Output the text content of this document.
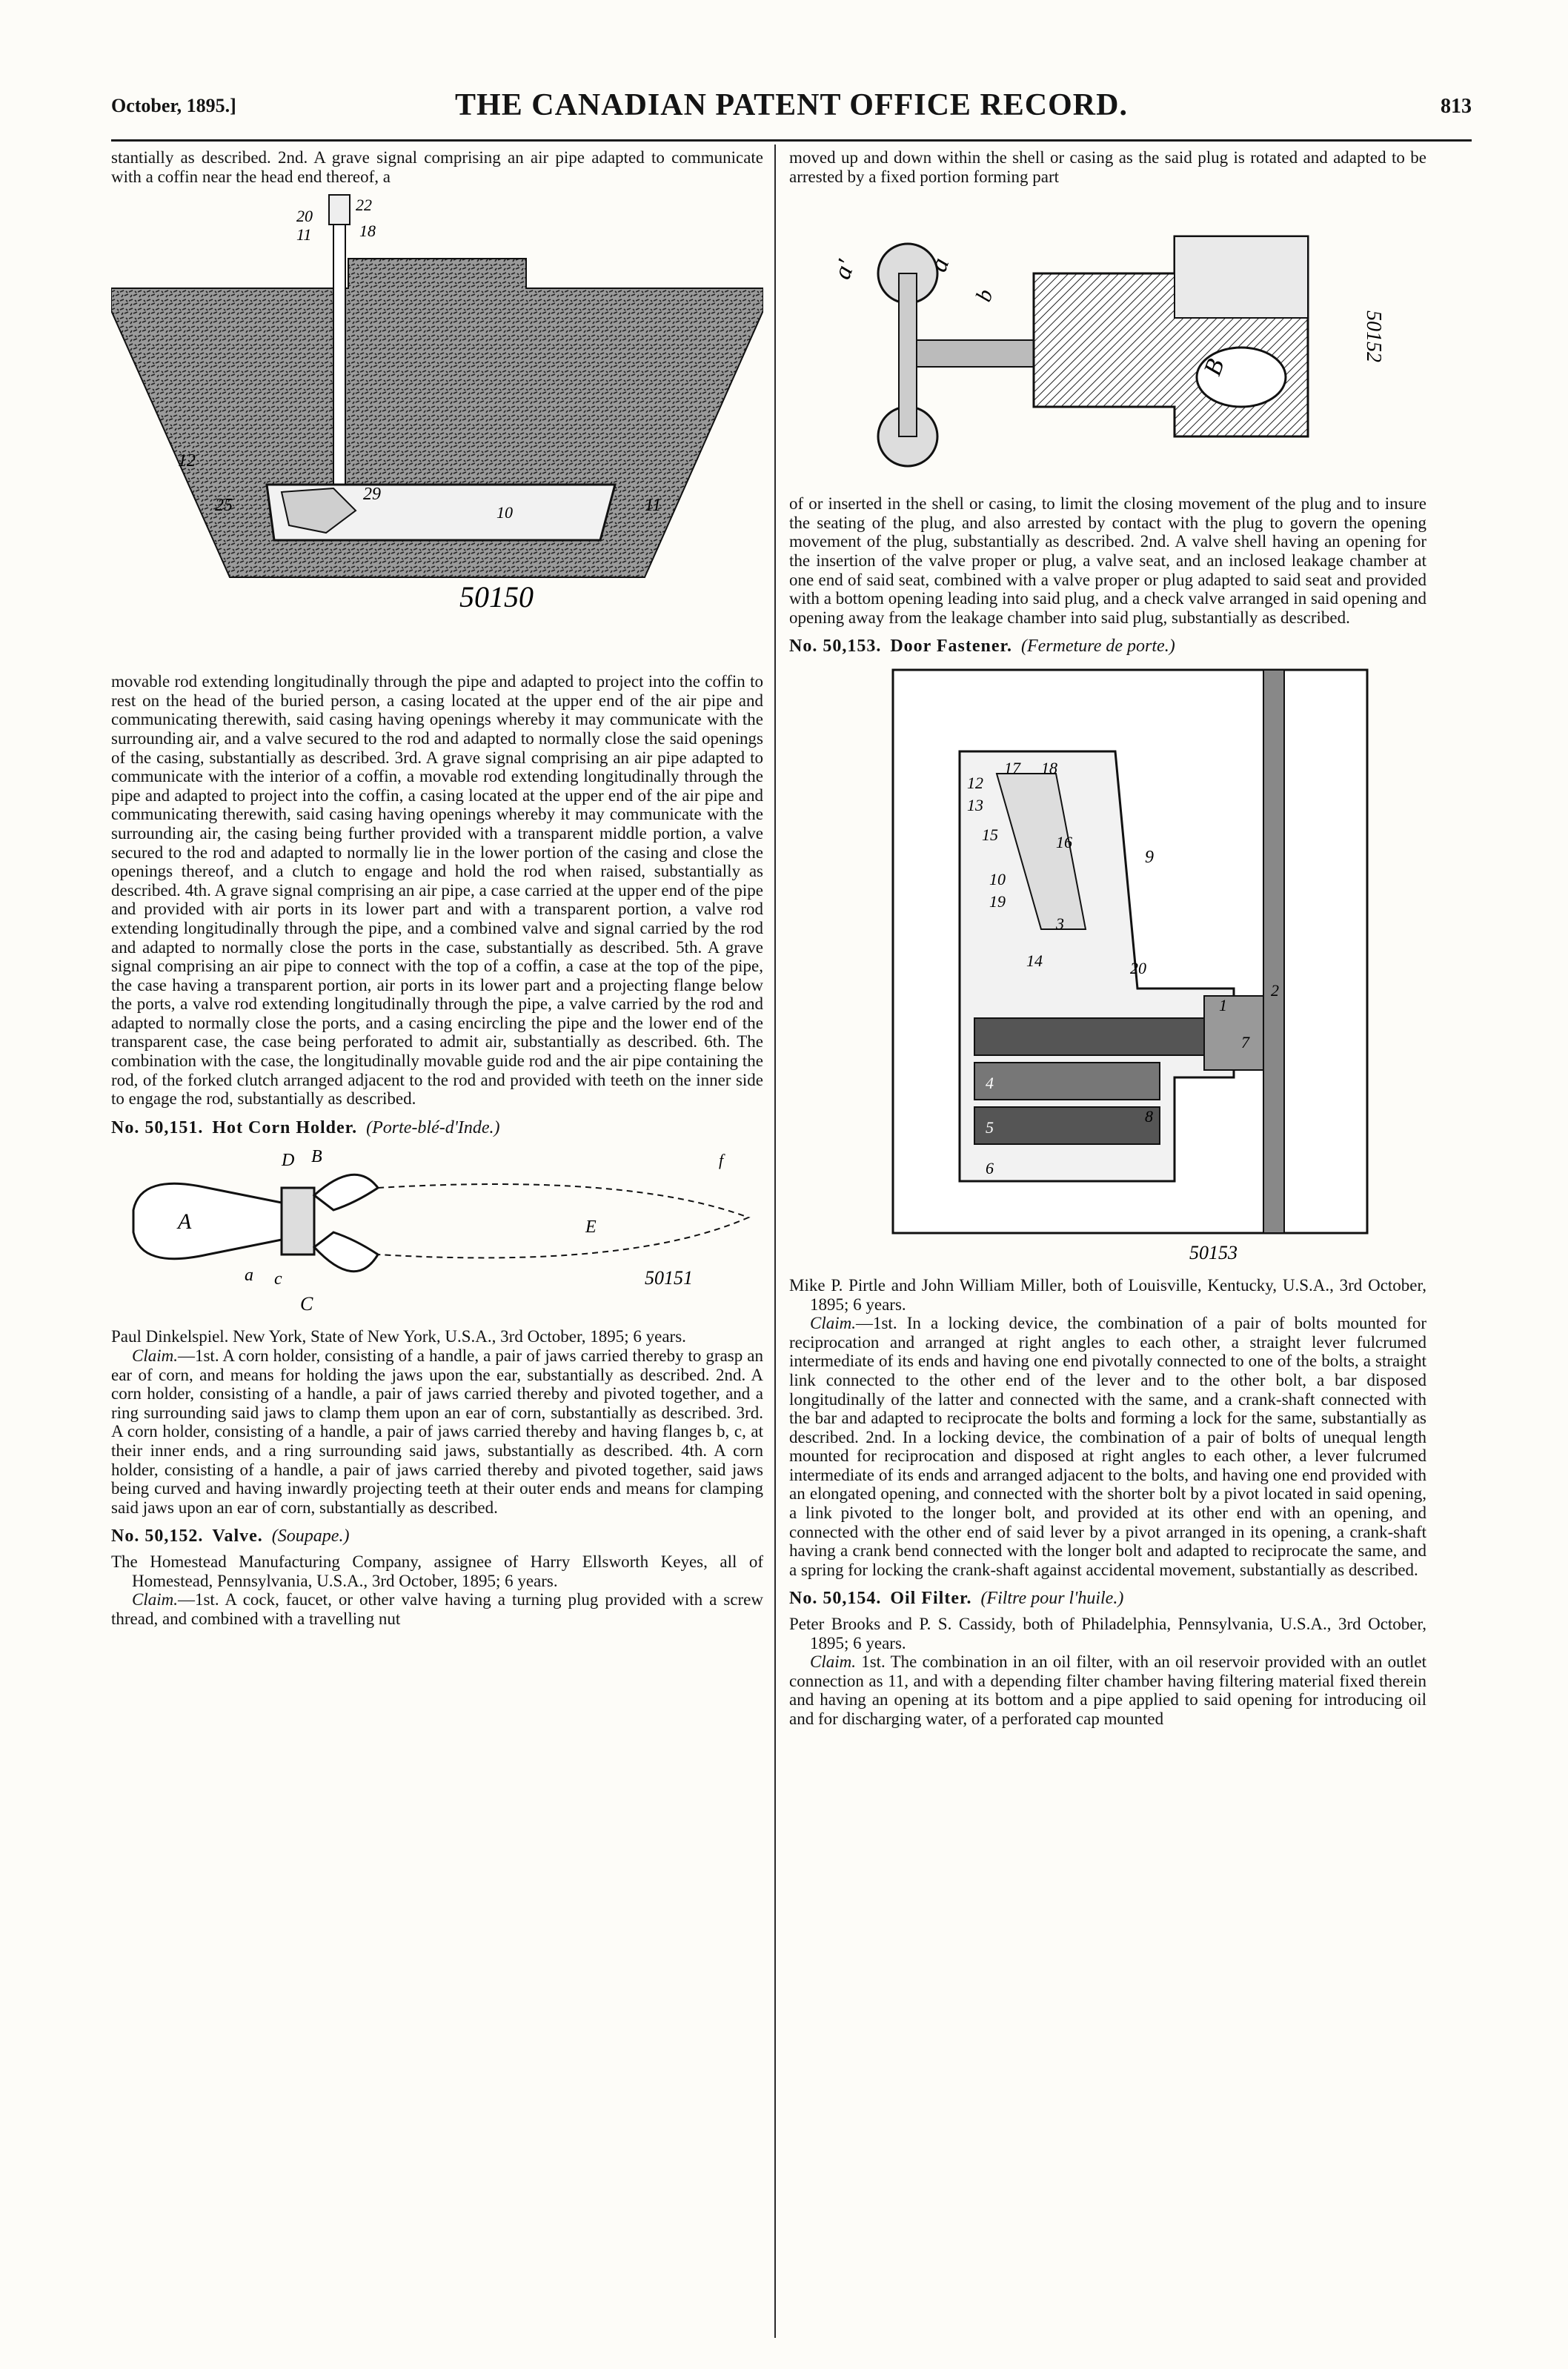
October, 1895.]	THE CANADIAN PATENT OFFICE RECORD.	813

stantially as described. 2nd. A grave signal comprising an air pipe adapted to communicate with a coffin near the head end thereof, a

20
22
11	18
12
25
29
10	11
50150

movable rod extending longitudinally through the pipe and adapted to project into the coffin to rest on the head of the buried person, a casing located at the upper end of the air pipe and communicating therewith, said casing having openings whereby it may communicate with the surrounding air, and a valve secured to the rod and adapted to normally close the said openings of the casing, substantially as described. 3rd. A grave signal comprising an air pipe adapted to communicate with the interior of a coffin, a movable rod extending longitudinally through the pipe and adapted to project into the coffin, a casing located at the upper end of the air pipe and communicating therewith, said casing having openings whereby it may communicate with the surrounding air, the casing being further provided with a transparent middle portion, a valve secured to the rod and adapted to normally lie in the lower portion of the casing and close the openings thereof, and a clutch to engage and hold the rod when raised, substantially as described. 4th. A grave signal comprising an air pipe, a case carried at the upper end of the pipe and provided with air ports in its lower part and with a transparent portion, a valve rod extending longitudinally through the pipe, and a combined valve and signal carried by the rod and adapted to normally close the ports in the case, substantially as described. 5th. A grave signal comprising an air pipe to connect with the top of a coffin, a case at the top of the pipe, the case having a transparent portion, air ports in its lower part and a projecting flange below the ports, a valve rod extending longitudinally through the pipe, a valve carried by the rod and adapted to normally close the ports, and a casing encircling the pipe and the lower end of the transparent case, the case being perforated to admit air, substantially as described. 6th. The combination with the case, the longitudinally movable guide rod and the air pipe containing the rod, of the forked clutch arranged adjacent to the rod and provided with teeth on the inner side to engage the rod, substantially as described.

No. 50,151. Hot Corn Holder. (Porte-blé-d'Inde.)

D B	f
A
a c
C
E
50151

Paul Dinkelspiel. New York, State of New York, U.S.A., 3rd October, 1895; 6 years.

Claim.—1st. A corn holder, consisting of a handle, a pair of jaws carried thereby to grasp an ear of corn, and means for holding the jaws upon the ear, substantially as described. 2nd. A corn holder, consisting of a handle, a pair of jaws carried thereby and pivoted together, and a ring surrounding said jaws to clamp them upon an ear of corn, substantially as described. 3rd. A corn holder, consisting of a handle, a pair of jaws carried thereby and having flanges b, c, at their inner ends, and a ring surrounding said jaws, substantially as described. 4th. A corn holder, consisting of a handle, a pair of jaws carried thereby and pivoted together, said jaws being curved and having inwardly projecting teeth at their outer ends and means for clamping said jaws upon an ear of corn, substantially as described.

No. 50,152. Valve. (Soupape.)

The Homestead Manufacturing Company, assignee of Harry Ellsworth Keyes, all of Homestead, Pennsylvania, U.S.A., 3rd October, 1895; 6 years.

Claim.—1st. A cock, faucet, or other valve having a turning plug provided with a screw thread, and combined with a travelling nut

moved up and down within the shell or casing as the said plug is rotated and adapted to be arrested by a fixed portion forming part

a'	a
b
B
50152

of or inserted in the shell or casing, to limit the closing movement of the plug and to insure the seating of the plug, and also arrested by contact with the plug to govern the opening movement of the plug, substantially as described. 2nd. A valve shell having an opening for the insertion of the valve proper or plug, a valve seat, and an inclosed leakage chamber at one end of said seat, combined with a valve proper or plug adapted to said seat and provided with a bottom opening leading into said plug, and a check valve arranged in said opening and opening away from the leakage chamber into said plug, substantially as described.

No. 50,153. Door Fastener. (Fermeture de porte.)

12
13
17 18
15	16
9
10
19
3
14	20
7
4
5
6
1
2
8
50153

Mike P. Pirtle and John William Miller, both of Louisville, Kentucky, U.S.A., 3rd October, 1895; 6 years.

Claim.—1st. In a locking device, the combination of a pair of bolts mounted for reciprocation and arranged at right angles to each other, a straight lever fulcrumed intermediate of its ends and having one end pivotally connected to one of the bolts, a straight link connected to the other end of the lever and to the other bolt, a bar disposed longitudinally of the latter and connected with the same, and a crank-shaft connected with the bar and adapted to reciprocate the bolts and forming a lock for the same, substantially as described. 2nd. In a locking device, the combination of a pair of bolts of unequal length mounted for reciprocation and disposed at right angles to each other, a lever fulcrumed intermediate of its ends and arranged adjacent to the bolts, and having one end provided with an elongated opening, and connected with the shorter bolt by a pivot located in said opening, a link pivoted to the longer bolt, and provided at its other end with an opening, and connected with the other end of said lever by a pivot arranged in its opening, a crank-shaft having a crank bend connected with the longer bolt and adapted to reciprocate the same, and a spring for locking the crank-shaft against accidental movement, substantially as described.

No. 50,154. Oil Filter. (Filtre pour l'huile.)

Peter Brooks and P. S. Cassidy, both of Philadelphia, Pennsylvania, U.S.A., 3rd October, 1895; 6 years.

Claim. 1st. The combination in an oil filter, with an oil reservoir provided with an outlet connection as 11, and with a depending filter chamber having filtering material fixed therein and having an opening at its bottom and a pipe applied to said opening for introducing oil and for discharging water, of a perforated cap mounted
